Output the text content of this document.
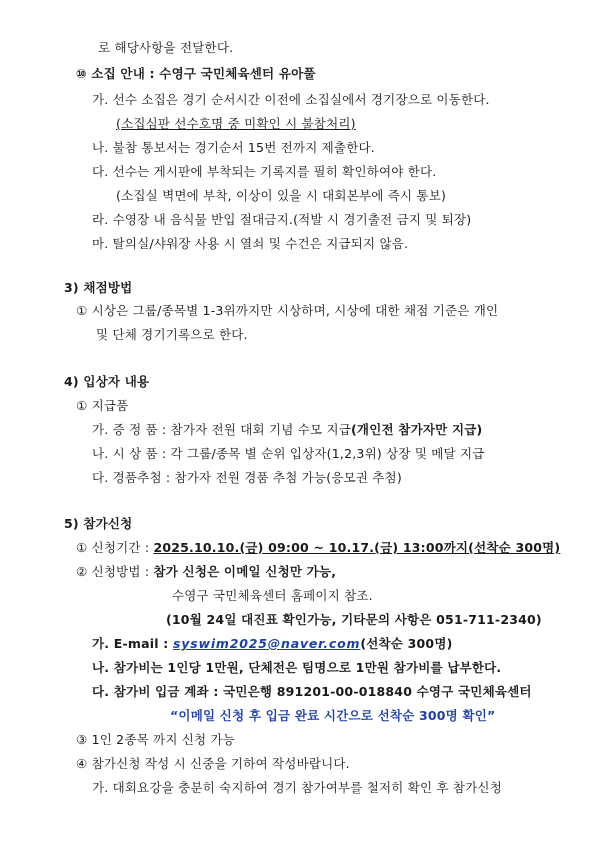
로 해당사항을 전달한다.
⑩ 소집 안내 : 수영구 국민체육센터 유아풀
가. 선수 소집은 경기 순서시간 이전에 소집실에서 경기장으로 이동한다.
(소집심판 선수호명 중 미확인 시 불참처리)
나. 불참 통보서는 경기순서 15번 전까지 제출한다.
다. 선수는 게시판에 부착되는 기록지를 필히 확인하여야 한다.
(소집실 벽면에 부착, 이상이 있을 시 대회본부에 즉시 통보)
라. 수영장 내 음식물 반입 절대금지.(적발 시 경기출전 금지 및 퇴장)
마. 탈의실/샤워장 사용 시 열쇠 및 수건은 지급되지 않음.
3) 채점방법
① 시상은 그룹/종목별 1-3위까지만 시상하며, 시상에 대한 채점 기준은 개인
및 단체 경기기록으로 한다.
4) 입상자 내용
① 지급품
가. 증 정 품 : 참가자 전원 대회 기념 수모 지급(개인전 참가자만 지급)
나. 시 상 품 : 각 그룹/종목 별 순위 입상자(1,2,3위) 상장 및 메달 지급
다. 경품추첨 : 참가자 전원 경품 추첨 가능(응모권 추첨)
5) 참가신청
① 신청기간 : 2025.10.10.(금) 09:00 ~ 10.17.(금) 13:00까지(선착순 300명)
② 신청방법 : 참가 신청은 이메일 신청만 가능,
수영구 국민체육센터 홈페이지 참조.
(10월 24일 대진표 확인가능, 기타문의 사항은 051-711-2340)
가. E-mail : syswim2025@naver.com(선착순 300명)
나. 참가비는 1인당 1만원, 단체전은 팀명으로 1만원 참가비를 납부한다.
다. 참가비 입금 계좌 : 국민은행 891201-00-018840 수영구 국민체육센터
“이메일 신청 후 입금 완료 시간으로 선착순 300명 확인”
③ 1인 2종목 까지 신청 가능
④ 참가신청 작성 시 신중을 기하여 작성바랍니다.
가. 대회요강을 충분히 숙지하여 경기 참가여부를 철저히 확인 후 참가신청
